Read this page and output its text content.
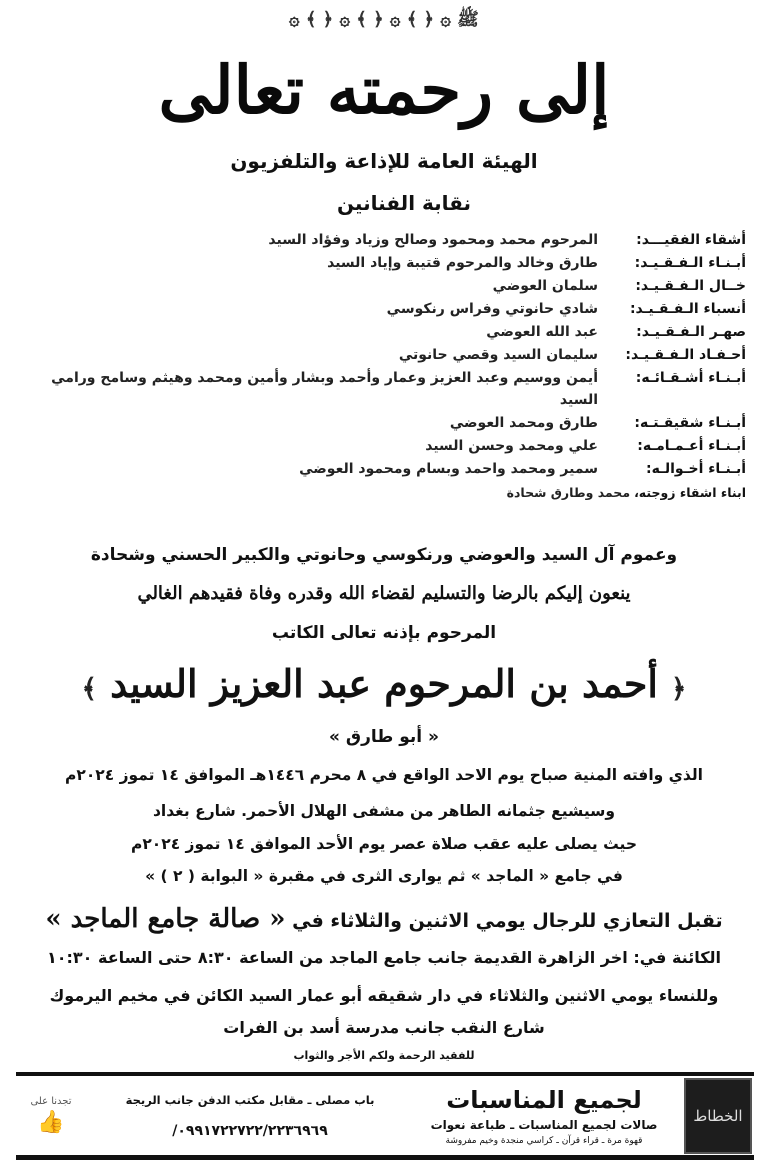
ﷺ ۞ ﴿ ﴾ ۞ ﴿ ﴾ ۞ ﴿ ﴾ ۞
إلى رحمته تعالى
الهيئة العامة للإذاعة والتلفزيون
نقابة الفنانين
أشقاء الفقيـــد:
المرحوم محمد ومحمود وصالح وزياد وفؤاد السيد
أبـنـاء الـفـقـيـد:
طارق وخالد والمرحوم قتيبة وإياد السيد
خــال الـفـقـيـد:
سلمان العوضي
أنسباء الـفـقـيـد:
شادي حانوتي وفراس رنكوسي
صهـر الـفـقـيـد:
عبد الله العوضي
أحـفـاد الـفـقـيـد:
سليمان السيد وقصي حانوتي
أبـنـاء أشـقـائـه:
أيمن ووسيم وعبد العزيز وعمار وأحمد وبشار وأمين ومحمد وهيثم وسامح ورامي السيد
أبـنـاء شقيقـتـه:
طارق ومحمد العوضي
أبـنـاء أعـمـامـه:
علي ومحمد وحسن السيد
أبـنـاء أخـوالـه:
سمير ومحمد واحمد وبسام ومحمود العوضي
ابناء اشقاء زوجته،
محمد وطارق شحادة
وعموم آل السيد والعوضي ورنكوسي وحانوتي والكبير الحسني وشحادة
ينعون إليكم بالرضا والتسليم لقضاء الله وقدره وفاة فقيدهم الغالي
المرحوم بإذنه تعالى الكاتب
﴿ أحمد بن المرحوم عبد العزيز السيد ﴾
« أبو طارق »
الذي وافته المنية صباح يوم الاحد الواقع في ٨ محرم ١٤٤٦هـ الموافق ١٤ تموز ٢٠٢٤م
وسيشيع جثمانه الطاهر من مشفى الهلال الأحمر. شارع بغداد
حيث يصلى عليه عقب صلاة عصر يوم الأحد الموافق ١٤ تموز ٢٠٢٤م
في جامع « الماجد » ثم يوارى الثرى في مقبرة « البوابة ( ٢ ) »
تقبل التعازي للرجال يومي الاثنين والثلاثاء في « صالة جامع الماجد »
الكائنة في: اخر الزاهرة القديمة جانب جامع الماجد من الساعة ٨:٣٠ حتى الساعة ١٠:٣٠
وللنساء يومي الاثنين والثلاثاء في دار شقيقه أبو عمار السيد الكائن في مخيم اليرموك
شارع النقب جانب مدرسة أسد بن الفرات
للفقيد الرحمة ولكم الأجر والثواب
الخطاط
لجميع المناسبات
صالات لجميع المناسبات ـ طباعة نعوات
قهوة مرة ـ قراء قرآن ـ كراسي منجدة وخيم مفروشة
باب مصلى ـ مقابل مكتب الدفن جانب الريجة
٠٩٩١٧٢٢٧٢٢/٢٢٣٦٩٦٩/
تجدنا على
👍
